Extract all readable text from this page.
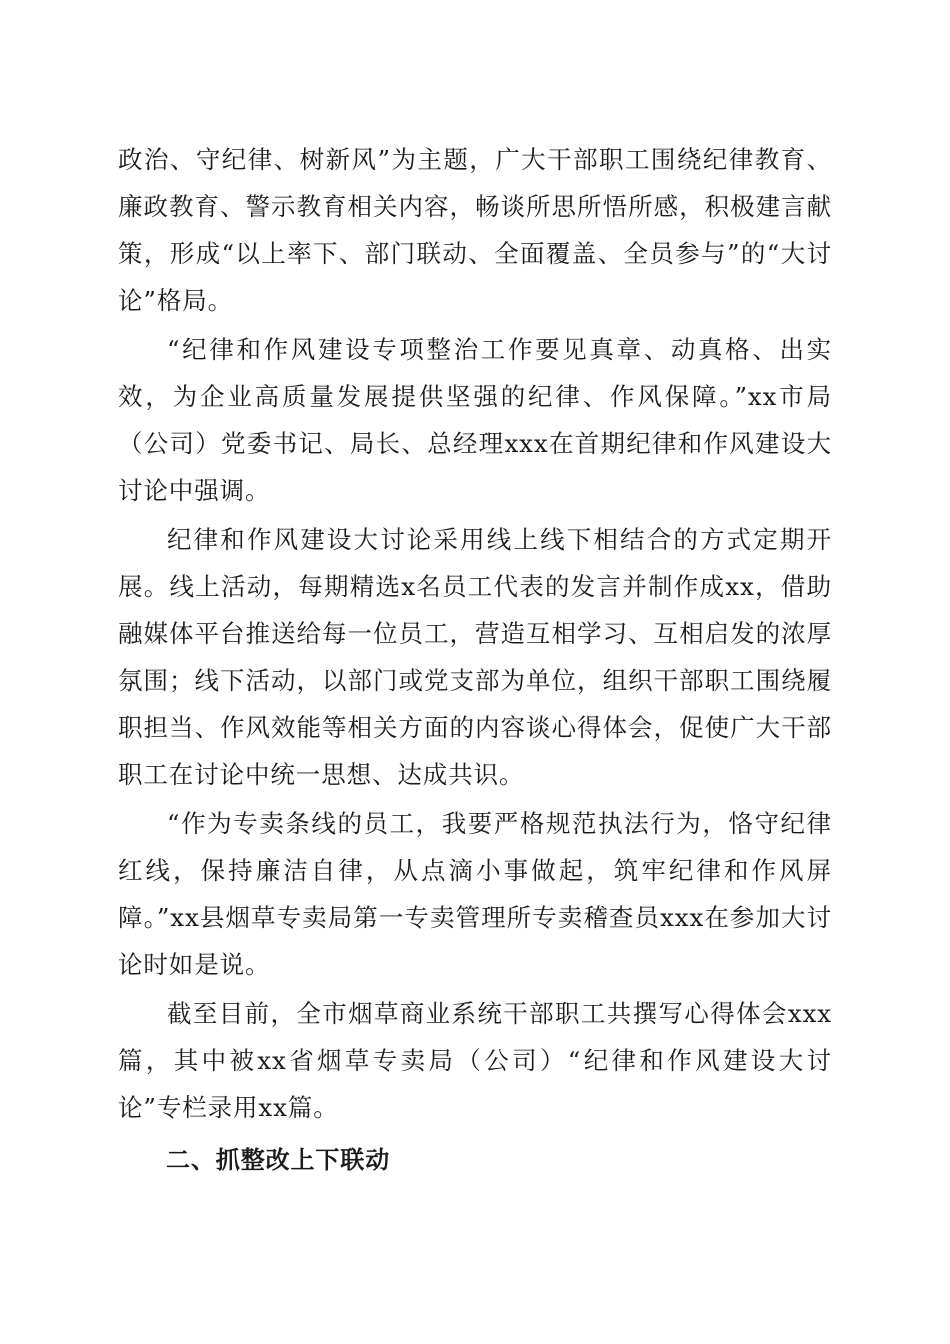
政治、守纪律、树新风”为主题，广大干部职工围绕纪律教育、廉政教育、警示教育相关内容，畅谈所思所悟所感，积极建言献策，形成“以上率下、部门联动、全面覆盖、全员参与”的“大讨论”格局。

“纪律和作风建设专项整治工作要见真章、动真格、出实效，为企业高质量发展提供坚强的纪律、作风保障。”xx市局（公司）党委书记、局长、总经理xxx在首期纪律和作风建设大讨论中强调。

纪律和作风建设大讨论采用线上线下相结合的方式定期开展。线上活动，每期精选x名员工代表的发言并制作成xx，借助融媒体平台推送给每一位员工，营造互相学习、互相启发的浓厚氛围；线下活动，以部门或党支部为单位，组织干部职工围绕履职担当、作风效能等相关方面的内容谈心得体会，促使广大干部职工在讨论中统一思想、达成共识。

“作为专卖条线的员工，我要严格规范执法行为，恪守纪律红线，保持廉洁自律，从点滴小事做起，筑牢纪律和作风屏障。”xx县烟草专卖局第一专卖管理所专卖稽查员xxx在参加大讨论时如是说。

截至目前，全市烟草商业系统干部职工共撰写心得体会xxx篇，其中被xx省烟草专卖局（公司）“纪律和作风建设大讨论”专栏录用xx篇。

二、抓整改上下联动
